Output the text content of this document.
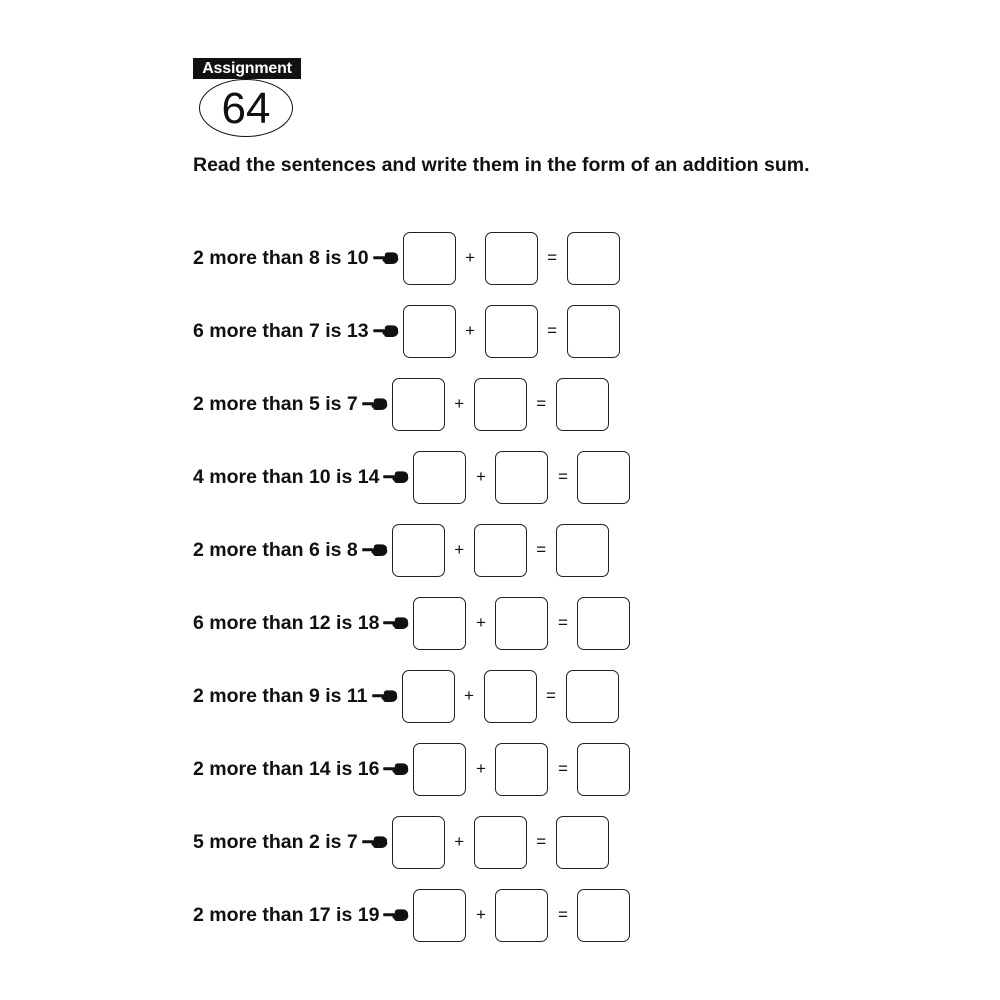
Assignment
64
Read the sentences and write them in the form of an addition sum.
2 more than 8 is 10	+	=
6 more than 7 is 13	+	=
2 more than 5 is 7	+	=
4 more than 10 is 14	+	=
2 more than 6 is 8	+	=
6 more than 12 is 18	+	=
2 more than 9 is 11	+	=
2 more than 14 is 16	+	=
5 more than 2 is 7	+	=
2 more than 17 is 19	+	=
